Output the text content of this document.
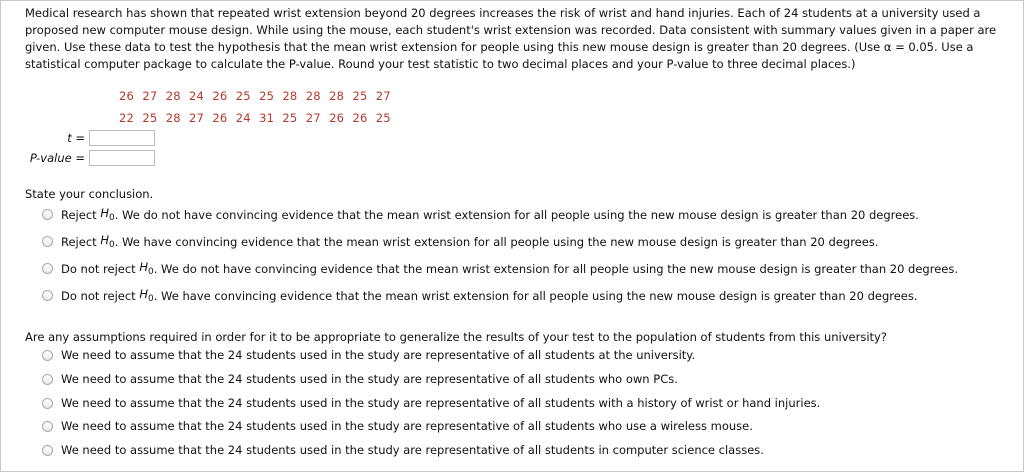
Medical research has shown that repeated wrist extension beyond 20 degrees increases the risk of wrist and hand injuries. Each of 24 students at a university used a proposed new computer mouse design. While using the mouse, each student's wrist extension was recorded. Data consistent with summary values given in a paper are given. Use these data to test the hypothesis that the mean wrist extension for people using this new mouse design is greater than 20 degrees. (Use α = 0.05. Use a statistical computer package to calculate the P-value. Round your test statistic to two decimal places and your P-value to three decimal places.)

26 27 28 24 26 25 25 28 28 28 25 27
22 25 28 27 26 24 31 25 27 26 26 25
t =
P-value =
State your conclusion.
Reject
$H_0$ . We do not have convincing evidence that the mean wrist extension for all people using the new mouse design is greater than 20 degrees.
Reject
$H_0$ . We have convincing evidence that the mean wrist extension for all people using the new mouse design is greater than 20 degrees.
Do not reject
$H_0$ . We do not have convincing evidence that the mean wrist extension for all people using the new mouse design is greater than 20 degrees.
Do not reject
$H_0$ . We have convincing evidence that the mean wrist extension for all people using the new mouse design is greater than 20 degrees.
Are any assumptions required in order for it to be appropriate to generalize the results of your test to the population of students from this university?
We need to assume that the 24 students used in the study are representative of all students at the university.
We need to assume that the 24 students used in the study are representative of all students who own PCs.
We need to assume that the 24 students used in the study are representative of all students with a history of wrist or hand injuries.
We need to assume that the 24 students used in the study are representative of all students who use a wireless mouse.
We need to assume that the 24 students used in the study are representative of all students in computer science classes.
